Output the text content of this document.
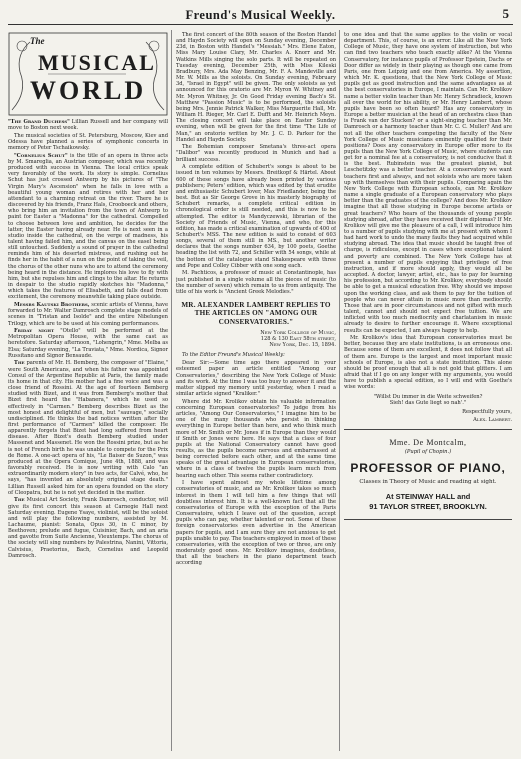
Freund's Musical Weekly.	5
The
MUSICAL
WORLD

"The Grand Duchess" Lillian Russell and her company will move to Boston next week.

The musical societies of St. Petersburg, Moscow, Kiev and Odessa have planned a series of symphonic concerts in memory of Peter Tschaikowsky.

"Cornelius Schut" is the title of an opera in three acts by M. Smareglia, an Austrian composer, which was recently produced with success in Vienna. The local critics speak very favorably of the work. Its story is simple. Cornelius Schut has just crossed Antwerp by his pictures of "The Virgin Mary's Ascension" when he falls in love with a beautiful young woman and retires with her and her attendant to a charming retreat on the river. There he is discovered by his friends, Franz Hals, Crooboeck and others, who bring him an invitation from the town of Antwerp to paint for Easter a "Madonna" for the cathedral. Compelled to choose between love and ambition, he decides for the latter, the Easter having already near. He is next seen in a studio inside the cathedral, on the verge of madness, his talent having failed him, and the canvas on the easel being still untouched. Suddenly a sound of prayer in the cathedral reminds him of his deserted mistress, and rushing out he finds her in the habit of a nun on the point of taking the veil, the chorus of the other nuns who are to attend the ceremony being heard in the distance. He implores his love to fly with him, but she repulses him and clings to the altar. He returns in despair to the studio rapidly sketches his "Madonna," which takes the features of Elisabeth, and falls dead from excitement, the ceremony meanwhile taking place outside.

Messrs Kautski Brothers, scenic artists of Vienna, have forwarded to Mr. Walter Damrosch complete stage models of scenes in "Tristan and Isolde" and the entire Nibelungen Trilogy, which are to be used at his coming performances.

Friday night "Otello" will be performed at the Metropolitan Opera House, with the same cast as heretofore. Saturday afternoon, "Lohengrin," Mme. Melba as Elsa; Saturday evening, "La Traviata," Mme. Nordica, Signor Russitano and Signor Bensaude.

The parents of Mr. H. Bemberg, the composer of "Elaine," were South Americans, and when his father was appointed Consul of the Argentine Republic at Paris, the family made its home in that city. His mother had a fine voice and was a close friend of Rossini. At the age of fourteen Bemberg studied with Bizet, and it was from Bemberg's mother that Bizet first heard the "Habanera," which he used so effectively in "Carmen." Bemberg describes Bizet as the most honest and delightful of men, but "sauvage," socially undisciplined. He thinks the bad notices written after the first performance of "Carmen" killed the composer. He apparently forgets that Bizet had long suffered from heart disease. After Bizet's death Bemberg studied under Massenet and Massenet. He won the Rossini prize, but as he is not of French birth he was unable to compete for the Prix de Rome. A one-act opera of his, "Le Baiser de Suzon," was produced at the Opera Comique, June 4th, 1888, and was favorably received. He is now writing with Calo "an extraordinarily modern story" in two acts, for Calvé, who, he says, "has invented an absolutely original stage death." Lillian Russell asked him for an opera founded on the story of Cleopatra, but he is not yet decided in the matter.

The Musical Art Society, Frank Damrosch, conductor, will give its first concert this season at Carnegie Hall next Saturday evening. Eugene Ysaye, violinist, will be the soloist and will play the following numbers, assisted by M. Lachaume, pianist: Sonata, Opus 30, in C minor, by Beethoven; prelude and fugue, Cuisinier, Bach, and an aria and gavotte from Suite Ancienne, Vieuxtemps. The chorus of the society will sing numbers by Palestrina, Nanini, Vittoria, Calvisius, Praetorius, Bach, Cornelius and Leopold Damrosch.

The first concert of the 80th season of the Boston Handel and Haydn Society will open on Sunday evening, December 23d, in Boston with Handel's "Messiah." Mrs. Elene Eaton, Miss Mary Louise Clary, Mr. Charles A. Knorr and Mr. Watkins Mills singing the solo parts. It will be repeated on Tuesday evening, December 25th, with Miss Kileski Bradbury, Mrs. Ada May Benzing, Mr. F. A. Mandeville and Mr. W. Mills as the soloists. On Sunday evening, February 3d, "Israel in Egypt" will be given. The only soloists as yet announced for this oratorio are Mr. Myron W. Whitney and Mr. Myron Whitney, Jr. On Good Friday evening Bach's St. Matthew "Passion Music" is to be performed, the soloists being Mrs. Jennie Patrick Walker, Miss Marguerite Hall, Mr. William H. Rieger, Mr. Carl E. Dufft and Mr. Heinrich Meyn. The closing concert will take place on Easter Sunday evening, when will be given for the first time "The Life of Man," an oratorio written by Mr. J. C. D. Parker for the Handel and Haydn Society.

The Bohemian composer Smetana's three-act opera "Dalibor" was recently produced in Munich and had a brilliant success.

A complete edition of Schubert's songs is about to be issued in ten volumes by Messrs. Breitkopf & Härtel. About 600 of these songs have already been printed by various publishers; Peters' edition, which was edited by that erudite and enthusiastic Schubert lover, Max Friedlander, being the best. But as Sir George Grove in his masterly biography of Schubert remarks, a complete critical edition in chronological order is still needed, and this is now to be attempted. The editor is Mandyczewski, librarian of the Society of Friends of Music, Vienna, and who, for this edition, has made a critical examination of upwards of 400 of Schubert's MSS. The new edition is said to consist of 603 songs, several of them still in MS., but another writer declares that the songs number 634, by 100 poets, Goethe heading the list with 72, and Schiller with 54 songs, while at the bottom of the catalogue stand Shakespeare with three and Pope and Colley Cibber with one song each.

M. Pachticos, a professor of music at Constantinople, has just published in a single volume all the pieces of music (to the number of seven) which remain to us from antiquity. The title of his work is "Ancient Greek Melodies."

MR. ALEXANDER LAMBERT REPLIES TO THE ARTICLES ON "AMONG OUR CONSERVATORIES."
New York College of Music,
128 & 130 East 58th street,
New York, Dec. 15, 1894.
To the Editor Freund's Musical Weekly:

Dear Sir:—Some time ago there appeared in your esteemed paper an article entitled "Among our Conservatories," describing the New York College of Music and its work. At the time I was too busy to answer it and the matter slipped my memory until yesterday, when I read a similar article signed "Kraliker."

Where did Mr. Krolikov obtain his valuable information concerning European conservatories? To judge from his articles, "Among Our Conservatories," I imagine him to be one of the many thousands who persist in thinking everything in Europe better than here, and who think much more of Mr. Smith or Mr. Jones if in Europe than they would if Smith or Jones were here. He says that a class of four pupils at the National Conservatory cannot have good results, as the pupils become nervous and embarrassed at being corrected before each other, and at the same time speaks of the great advantage in European conservatories, where in a class of twelve the pupils learn much from hearing each other. This seems rather contradictory.

I have spent almost my whole lifetime among conservatories of music, and as Mr. Krolikov takes so much interest in them I will tell him a few things that will doubtless interest him. It is a well-known fact that all the conservatories of Europe with the exception of the Paris Conservatoire, which I leave out of the question, accept pupils who can pay, whether talented or not. Some of these foreign conservatories even advertise in the American papers for pupils, and I am sure they are not anxious to get pupils unable to pay. The teachers employed in most of these conservatories, with the exception of two or three, are only moderately good ones. Mr. Krolikov imagines, doubtless, that all the teachers in the piano department teach according

to one idea and that the same applies to the violin or vocal department. This, of course, is an error. Like all the New York College of Music, they have one system of instruction, but who can find two teachers who teach exactly alike? At the Vienna Conservatory, for instance pupils of Professor Epstein, Dachs or Door differ as widely in their playing as though one came from Paris, one from Leipzig and one from America. My assertion, which Mr. K. questions, that the New York College of Music pupils get as good instruction and the same advantages as at the best conservatories in Europe, I maintain. Can Mr. Krolikov name a better violin teacher than Mr. Henry Schradieck, known all over the world for his ability, or Mr. Henry Lambert, whose pupils have been so often heard? Has any conservatory in Europe a better musician at the head of an orchestra class than is Frank van der Stucken? or a sight-singing teacher than Mr. Damrosch or a harmony teacher than Mr. C. C. Muller? And are not all the other teachers competing the faculty of the New York College of Music musicians eminently qualified for their positions? Does any conservatory in Europe offer more to its pupils than the New York College of Music, where students can get for a nominal fee at a conservatory, is not conducive that it is the best. Rubinstein was the greatest pianist, but Leschetitzky was a better teacher. At a conservatory we want teachers first and always, and not soloists who are more taken up with themselves than with their pupils. Comparing again the New York College with European schools, can Mr. Krolikov name a single graduate of a European conservatory who plays better than the graduates of the college? And does Mr. Krolikov imagine that all those studying in Europe become artists or great teachers? Who hears of the thousands of young people studying abroad, after they have received their diplomas? If Mr. Krolikov will give me the pleasure of a call, I will introduce him to a number of pupils studying with me at present with whom I had hard work to undo the many faults they had acquired while studying abroad. The idea that music should be taught free of charge, is ridiculous, except in cases where exceptional talent and poverty are combined. The New York College has at present a number of pupils enjoying that privilege of free instruction, and if more should apply, they would all be accepted. A doctor, lawyer, artist, etc., has to pay for learning his profession, but according to Mr. Krolikov, everybody should be able to get a musical education free. Why should we impose upon the working class, and ask them to pay for the tuition of people who can never attain in music more than mediocrity. Those that are in poor circumstances and not gifted with much talent, cannot and should not expect free tuition. We are inflicted with too much mediocrity and charlatanism in music already to desire to further encourage it. Where exceptional results can be expected, I am always happy to help.

Mr. Krolikov's idea that European conservatories must be better, because they are state institutions, is an erroneous one. Because some of them are excellent, it does not follow that all of them are. Europe is the largest and most important music schools of Europe, is also not a state institution. This alone should be proof enough that all is not gold that glitters. I am afraid that if I go on any longer with my arguments, you would have to publish a special edition, so I will end with Goethe's wise words:

"Willst Du immer in die Weite schweifen?
Sieh! das Gute liegt so nah'."
Respectfully yours,
Alex. Lambert.
Mme. De Montcalm,
(Pupil of Chopin.)
PROFESSOR OF PIANO,
Classes in Theory of Music and reading at sight.
At STEINWAY HALL and
91 TAYLOR STREET, BROOKLYN.
